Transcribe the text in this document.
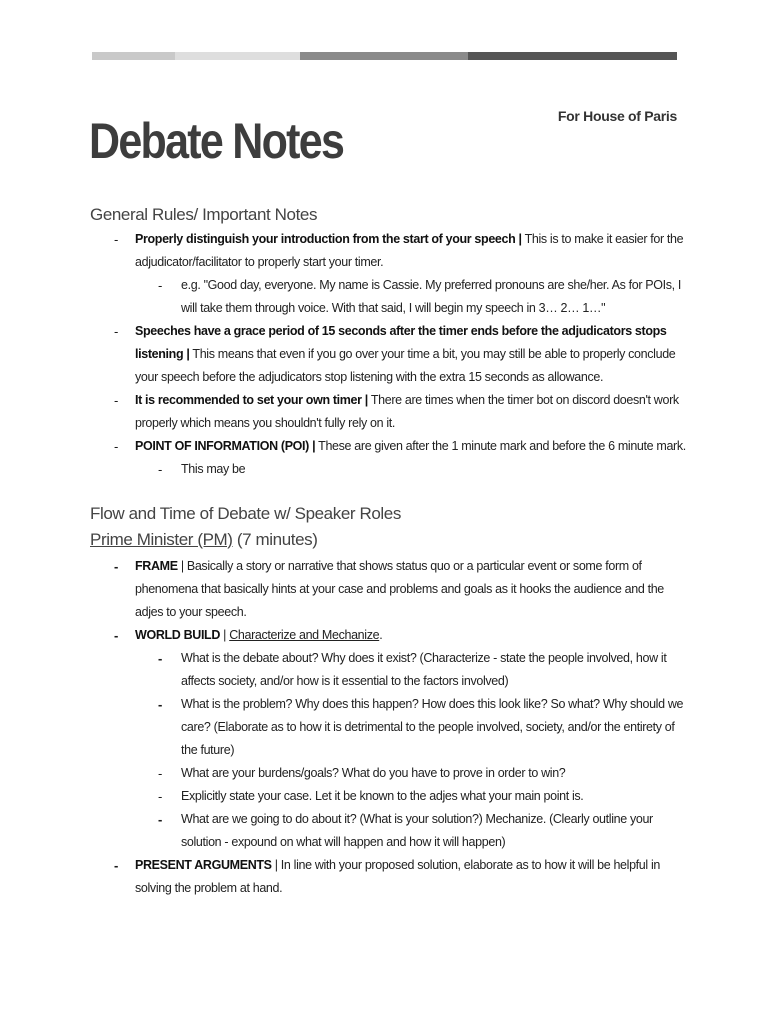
For House of Paris
Debate Notes
General Rules/ Important Notes
- Properly distinguish your introduction from the start of your speech | This is to make it easier for the adjudicator/facilitator to properly start your timer.
- e.g. "Good day, everyone. My name is Cassie. My preferred pronouns are she/her. As for POIs, I will take them through voice. With that said, I will begin my speech in 3… 2… 1…"
- Speeches have a grace period of 15 seconds after the timer ends before the adjudicators stops listening | This means that even if you go over your time a bit, you may still be able to properly conclude your speech before the adjudicators stop listening with the extra 15 seconds as allowance.
- It is recommended to set your own timer | There are times when the timer bot on discord doesn't work properly which means you shouldn't fully rely on it.
- POINT OF INFORMATION (POI) | These are given after the 1 minute mark and before the 6 minute mark.
- This may be
Flow and Time of Debate w/ Speaker Roles
Prime Minister (PM) (7 minutes)
- FRAME | Basically a story or narrative that shows status quo or a particular event or some form of phenomena that basically hints at your case and problems and goals as it hooks the audience and the adjes to your speech.
- WORLD BUILD | Characterize and Mechanize.
- What is the debate about? Why does it exist? (Characterize - state the people involved, how it affects society, and/or how is it essential to the factors involved)
- What is the problem? Why does this happen? How does this look like? So what? Why should we care? (Elaborate as to how it is detrimental to the people involved, society, and/or the entirety of the future)
- What are your burdens/goals? What do you have to prove in order to win?
- Explicitly state your case. Let it be known to the adjes what your main point is.
- What are we going to do about it? (What is your solution?) Mechanize. (Clearly outline your solution - expound on what will happen and how it will happen)
- PRESENT ARGUMENTS | In line with your proposed solution, elaborate as to how it will be helpful in solving the problem at hand.
